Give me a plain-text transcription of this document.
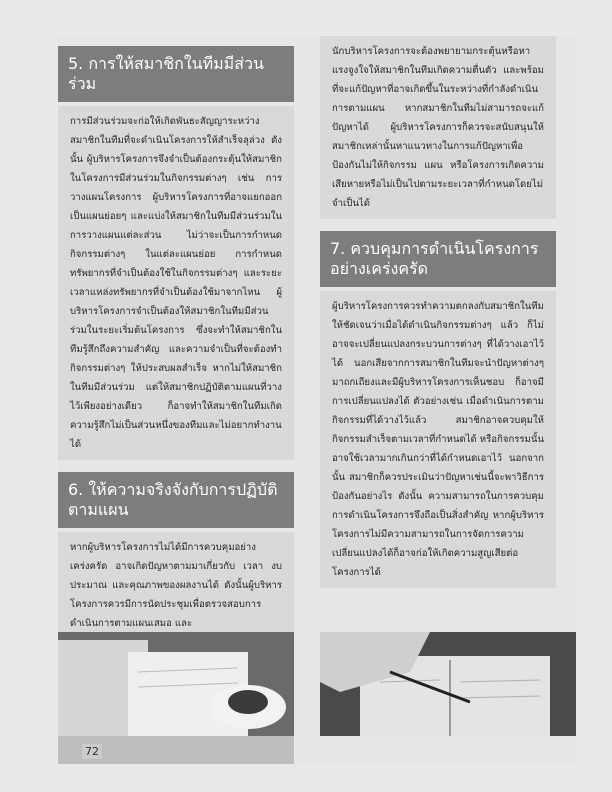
5. การให้สมาชิกในทีมมีส่วนร่วม

การมีส่วนร่วมจะก่อให้เกิดพันธะสัญญาระหว่างสมาชิกในทีมที่จะดำเนินโครงการให้สำเร็จลุล่วง ดังนั้น ผู้บริหารโครงการจึงจำเป็นต้องกระตุ้นให้สมาชิกในโครงการมีส่วนร่วมในกิจกรรมต่างๆ เช่น การวางแผนโครงการ ผู้บริหารโครงการที่อาจแยกออกเป็นแผนย่อยๆ และแบ่งให้สมาชิกในทีมมีส่วนร่วมในการวางแผนแต่ละส่วน ไม่ว่าจะเป็นการกำหนดกิจกรรมต่างๆ ในแต่ละแผนย่อย การกำหนดทรัพยากรที่จำเป็นต้องใช้ในกิจกรรมต่างๆ และระยะเวลาแหล่งทรัพยากรที่จำเป็นต้องใช้มาจากไหน ผู้บริหารโครงการจำเป็นต้องให้สมาชิกในทีมมีส่วนร่วมในระยะเริ่มต้นโครงการ ซึ่งจะทำให้สมาชิกในทีมรู้สึกถึงความสำคัญ และความจำเป็นที่จะต้องทำกิจกรรมต่างๆ ให้ประสบผลสำเร็จ หากไม่ให้สมาชิกในทีมมีส่วนร่วม แต่ให้สมาชิกปฏิบัติตามแผนที่วางไว้เพียงอย่างเดียว ก็อาจทำให้สมาชิกในทีมเกิดความรู้สึกไม่เป็นส่วนหนึ่งของทีมและไม่อยากทำงานได้

6. ให้ความจริงจังกับการปฏิบัติตามแผน

หากผู้บริหารโครงการไม่ได้มีการควบคุมอย่างเคร่งครัด อาจเกิดปัญหาตามมาเกี่ยวกับ เวลา งบประมาณ และคุณภาพของผลงานได้ ดังนั้นผู้บริหารโครงการควรมีการนัดประชุมเพื่อตรวจสอบการดำเนินการตามแผนเสมอ และ

นักบริหารโครงการจะต้องพยายามกระตุ้นหรือหาแรงจูงใจให้สมาชิกในทีมเกิดความตื่นตัว และพร้อมที่จะแก้ปัญหาที่อาจเกิดขึ้นในระหว่างที่กำลังดำเนินการตามแผน หากสมาชิกในทีมไม่สามารถจะแก้ปัญหาได้ ผู้บริหารโครงการก็ควรจะสนับสนุนให้สมาชิกเหล่านั้นหาแนวทางในการแก้ปัญหาเพื่อป้องกันไม่ให้กิจกรรม แผน หรือโครงการเกิดความเสียหายหรือไม่เป็นไปตามระยะเวลาที่กำหนดโดยไม่จำเป็นได้

7. ควบคุมการดำเนินโครงการอย่างเคร่งครัด

ผู้บริหารโครงการควรทำความตกลงกับสมาชิกในทีมให้ชัดเจนว่าเมื่อได้ดำเนินกิจกรรมต่างๆ แล้ว ก็ไม่อาจจะเปลี่ยนแปลงกระบวนการต่างๆ ที่ได้วางเอาไว้ได้ นอกเสียจากการสมาชิกในทีมจะนำปัญหาต่างๆ มาถกเถียงและมีผู้บริหารโครงการเห็นชอบ ก็อาจมีการเปลี่ยนแปลงได้ ตัวอย่างเช่น เมื่อดำเนินการตามกิจกรรมที่ได้วางไว้แล้ว สมาชิกอาจควบคุมให้กิจกรรมสำเร็จตามเวลาที่กำหนดได้ หรือกิจกรรมนั้นอาจใช้เวลามากเกินกว่าที่ได้กำหนดเอาไว้ นอกจากนั้น สมาชิกก็ควรประเมินว่าปัญหาเช่นนี้จะพาวิธีการป้องกันอย่างไร ดังนั้น ความสามารถในการควบคุมการดำเนินโครงการจึงถือเป็นสิ่งสำคัญ หากผู้บริหารโครงการไม่มีความสามารถในการจัดการความเปลี่ยนแปลงได้ก็อาจก่อให้เกิดความสูญเสียต่อโครงการได้

72
